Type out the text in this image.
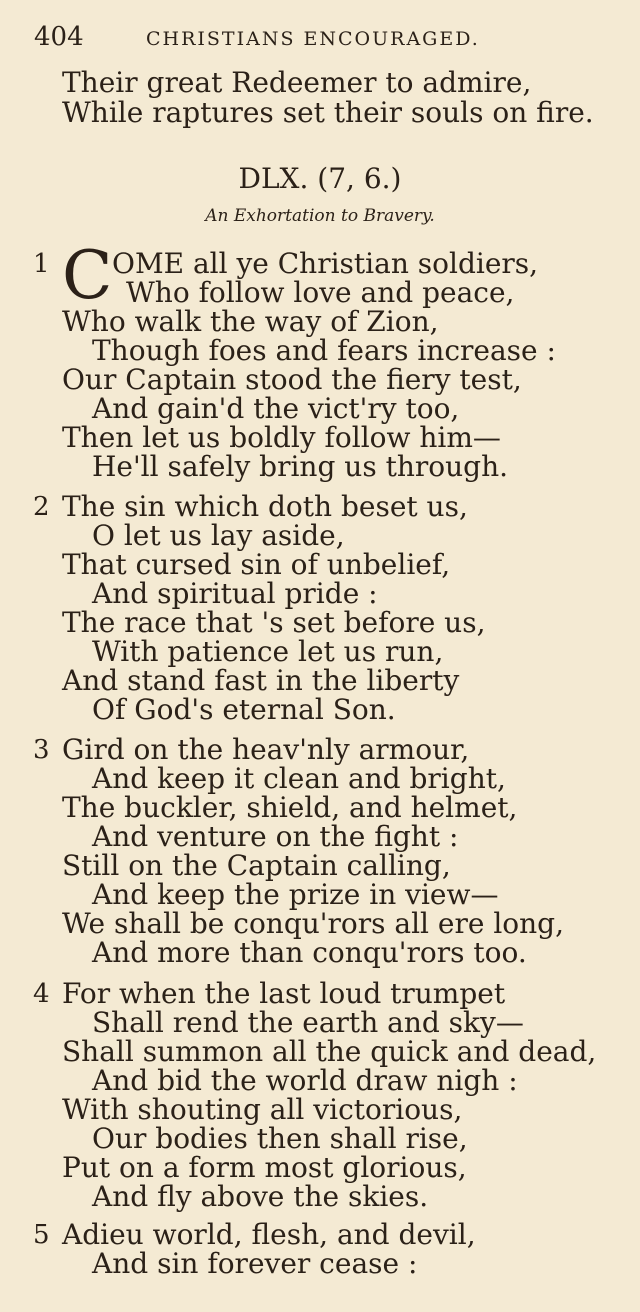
404	CHRISTIANS ENCOURAGED.
Their great Redeemer to admire,
While raptures set their souls on fire.
DLX. (7, 6.)
An Exhortation to Bravery.
1 C OME all ye Christian soldiers,
Who follow love and peace,
Who walk the way of Zion,
Though foes and fears increase :
Our Captain stood the fiery test,
And gain'd the vict'ry too,
Then let us boldly follow him—
He'll safely bring us through.
2 The sin which doth beset us,
O let us lay aside,
That cursed sin of unbelief,
And spiritual pride :
The race that 's set before us,
With patience let us run,
And stand fast in the liberty
Of God's eternal Son.
3 Gird on the heav'nly armour,
And keep it clean and bright,
The buckler, shield, and helmet,
And venture on the fight :
Still on the Captain calling,
And keep the prize in view—
We shall be conqu'rors all ere long,
And more than conqu'rors too.
4 For when the last loud trumpet
Shall rend the earth and sky—
Shall summon all the quick and dead,
And bid the world draw nigh :
With shouting all victorious,
Our bodies then shall rise,
Put on a form most glorious,
And fly above the skies.
5 Adieu world, flesh, and devil,
And sin forever cease :
